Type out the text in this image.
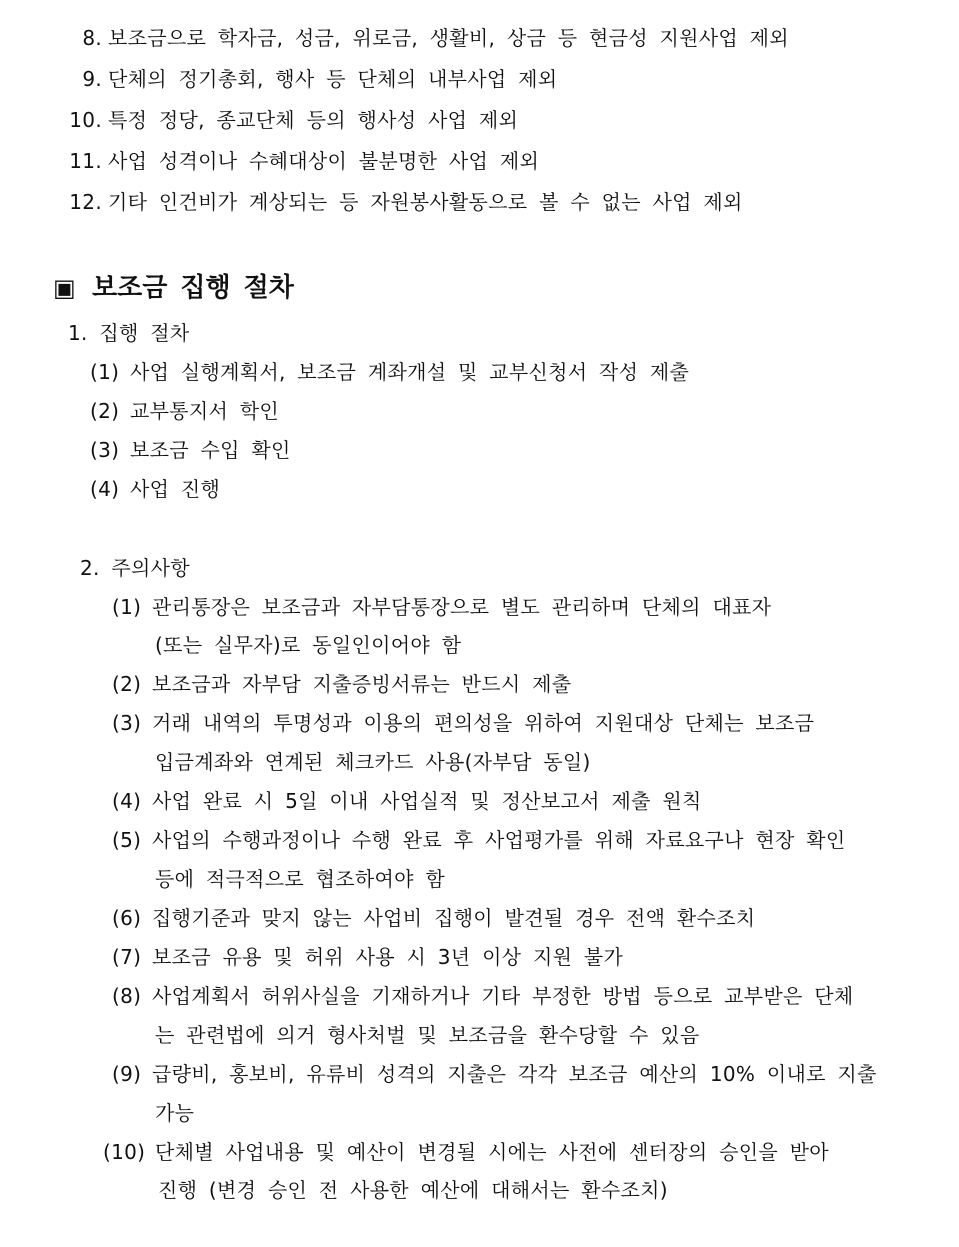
8. 보조금으로 학자금, 성금, 위로금, 생활비, 상금 등 현금성 지원사업 제외
9. 단체의 정기총회, 행사 등 단체의 내부사업 제외
10. 특정 정당, 종교단체 등의 행사성 사업 제외
11. 사업 성격이나 수혜대상이 불분명한 사업 제외
12. 기타 인건비가 계상되는 등 자원봉사활동으로 볼 수 없는 사업 제외
▣ 보조금 집행 절차
1. 집행 절차
(1) 사업 실행계획서, 보조금 계좌개설 및 교부신청서 작성 제출
(2) 교부통지서 학인
(3) 보조금 수입 확인
(4) 사업 진행
2. 주의사항
(1) 관리통장은 보조금과 자부담통장으로 별도 관리하며 단체의 대표자
(또는 실무자)로 동일인이어야 함
(2) 보조금과 자부담 지출증빙서류는 반드시 제출
(3) 거래 내역의 투명성과 이용의 편의성을 위하여 지원대상 단체는 보조금
입금계좌와 연계된 체크카드 사용(자부담 동일)
(4) 사업 완료 시 5일 이내 사업실적 및 정산보고서 제출 원칙
(5) 사업의 수행과정이나 수행 완료 후 사업평가를 위해 자료요구나 현장 확인
등에 적극적으로 협조하여야 함
(6) 집행기준과 맞지 않는 사업비 집행이 발견될 경우 전액 환수조치
(7) 보조금 유용 및 허위 사용 시 3년 이상 지원 불가
(8) 사업계획서 허위사실을 기재하거나 기타 부정한 방법 등으로 교부받은 단체
는 관련법에 의거 형사처벌 및 보조금을 환수당할 수 있음
(9) 급량비, 홍보비, 유류비 성격의 지출은 각각 보조금 예산의 10% 이내로 지출
가능
(10) 단체별 사업내용 및 예산이 변경될 시에는 사전에 센터장의 승인을 받아
진행 (변경 승인 전 사용한 예산에 대해서는 환수조치)
